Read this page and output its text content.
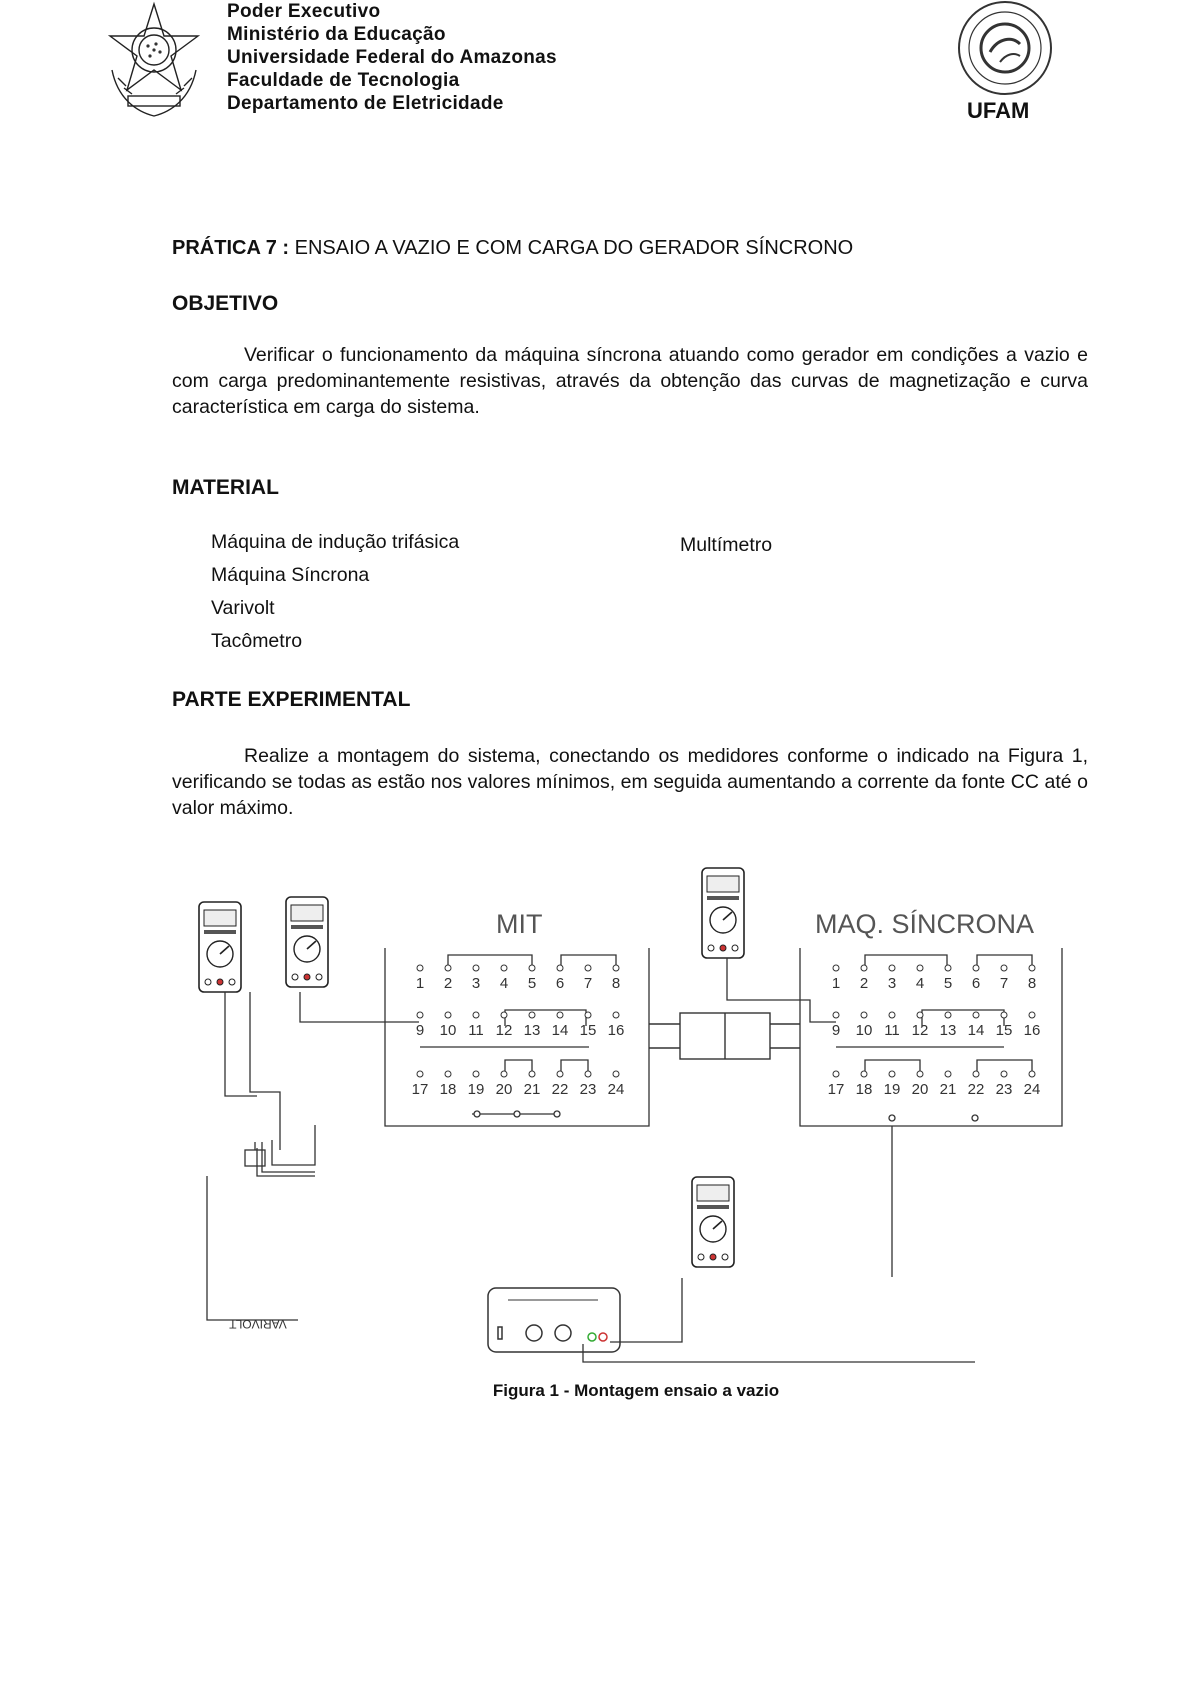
Poder Executivo
Ministério da Educação
Universidade Federal do Amazonas
Faculdade de Tecnologia
Departamento de Eletricidade	UFAM
PRÁTICA 7 : ENSAIO A VAZIO E COM CARGA DO GERADOR SÍNCRONO
OBJETIVO
Verificar o funcionamento da máquina síncrona atuando como gerador em condições a vazio e com carga predominantemente resistivas, através da obtenção das curvas de magnetização e curva característica em carga do sistema.
MATERIAL
Máquina de indução trifásica
Máquina Síncrona
Varivolt
Tacômetro
Multímetro
PARTE EXPERIMENTAL
Realize a montagem do sistema, conectando os medidores conforme o indicado na Figura 1, verificando se todas as estão nos valores mínimos, em seguida aumentando a corrente da fonte CC até o valor máximo.
MIT	MAQ. SÍNCRONA
1 2 3 4 5 6 7 8
9 10 11 12 13 14 15 16
17 18 19 20 21 22 23 24
1 2 3 4 5 6 7 8
9 10 11 12 13 14 15 16
17 18 19 20 21 22 23 24
VARIVOLT
Figura 1 - Montagem ensaio a vazio
